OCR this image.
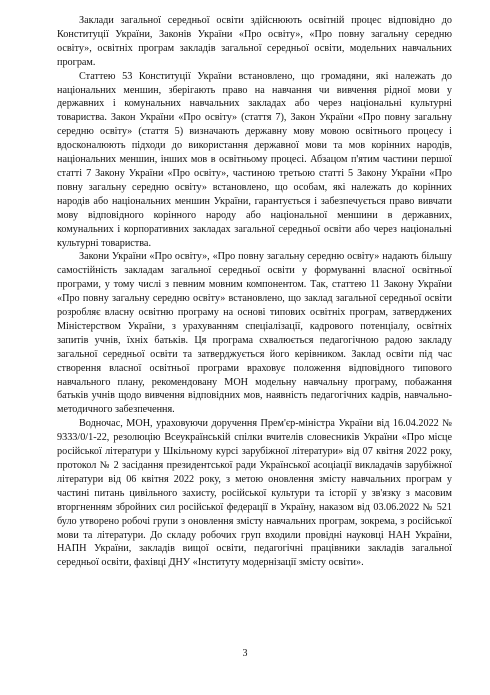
Заклади загальної середньої освіти здійснюють освітній процес відповідно до Конституції України, Законів України «Про освіту», «Про повну загальну середню освіту», освітніх програм закладів загальної середньої освіти, модельних навчальних програм.

Статтею 53 Конституції України встановлено, що громадяни, які належать до національних меншин, зберігають право на навчання чи вивчення рідної мови у державних і комунальних навчальних закладах або через національні культурні товариства. Закон України «Про освіту» (стаття 7), Закон України «Про повну загальну середню освіту» (стаття 5) визначають державну мову мовою освітнього процесу і вдосконалюють підходи до використання державної мови та мов корінних народів, національних меншин, інших мов в освітньому процесі. Абзацом п'ятим частини першої статті 7 Закону України «Про освіту», частиною третьою статті 5 Закону України «Про повну загальну середню освіту» встановлено, що особам, які належать до корінних народів або національних меншин України, гарантується і забезпечується право вивчати мову відповідного корінного народу або національної меншини в державних, комунальних і корпоративних закладах загальної середньої освіти або через національні культурні товариства.

Закони України «Про освіту», «Про повну загальну середню освіту» надають більшу самостійність закладам загальної середньої освіти у формуванні власної освітньої програми, у тому числі з певним мовним компонентом. Так, статтею 11 Закону України «Про повну загальну середню освіту» встановлено, що заклад загальної середньої освіти розробляє власну освітню програму на основі типових освітніх програм, затверджених Міністерством України, з урахуванням спеціалізації, кадрового потенціалу, освітніх запитів учнів, їхніх батьків. Ця програма схвалюється педагогічною радою закладу загальної середньої освіти та затверджується його керівником. Заклад освіти під час створення власної освітньої програми враховує положення відповідного типового навчального плану, рекомендовану МОН модельну навчальну програму, побажання батьків учнів щодо вивчення відповідних мов, наявність педагогічних кадрів, навчально-методичного забезпечення.

Водночас, МОН, ураховуючи доручення Прем'єр-міністра України від 16.04.2022 № 9333/0/1-22, резолюцію Всеукраїнській спілки вчителів словесників України «Про місце російської літератури у Шкільному курсі зарубіжної літератури» від 07 квітня 2022 року, протокол № 2 засідання президентської ради Української асоціації викладачів зарубіжної літератури від 06 квітня 2022 року, з метою оновлення змісту навчальних програм у частині питань цивільного захисту, російської культури та історії у зв'язку з масовим вторгненням збройних сил російської федерації в Україну, наказом від 03.06.2022 № 521 було утворено робочі групи з оновлення змісту навчальних програм, зокрема, з російської мови та літератури. До складу робочих груп входили провідні науковці НАН України, НАПН України, закладів вищої освіти, педагогічні працівники закладів загальної середньої освіти, фахівці ДНУ «Інституту модернізації змісту освіти».

3
